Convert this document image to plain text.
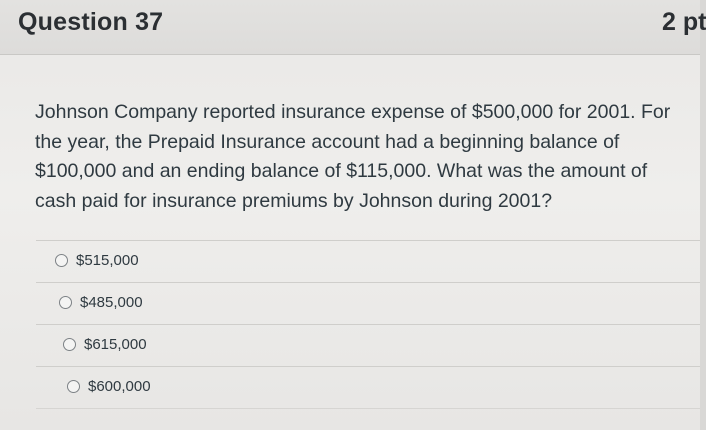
Question 37	2 pt
Johnson Company reported insurance expense of $500,000 for 2001. For
the year, the Prepaid Insurance account had a beginning balance of
$100,000 and an ending balance of $115,000. What was the amount of
cash paid for insurance premiums by Johnson during 2001?
$515,000
$485,000
$615,000
$600,000
